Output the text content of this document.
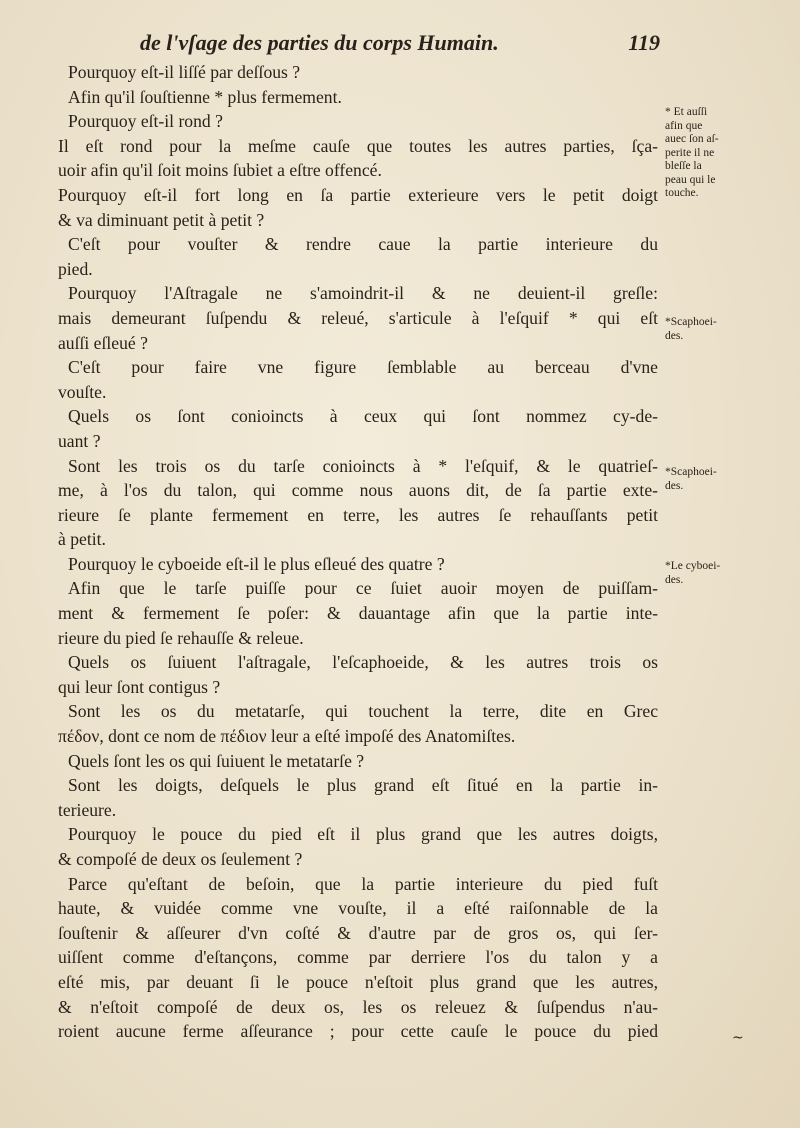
de l'vſage des parties du corps Humain.	119
Pourquoy eſt-il liſſé par deſſous ?
Afin qu'il ſouſtienne * plus fermement.
Pourquoy eſt-il rond ?
Il eſt rond pour la meſme cauſe que toutes les autres parties, ſça-
uoir afin qu'il ſoit moins ſubiet a eſtre offencé.
Pourquoy eſt-il fort long en ſa partie exterieure vers le petit doigt
& va diminuant petit à petit ?
C'eſt pour vouſter & rendre caue la partie interieure du
pied.
Pourquoy l'Aſtragale ne s'amoindrit-il & ne deuient-il greſle:
mais demeurant ſuſpendu & releué, s'articule à l'eſquif * qui eſt
auſſi eſleué ?
C'eſt pour faire vne figure ſemblable au berceau d'vne
vouſte.
Quels os ſont conioincts à ceux qui ſont nommez cy-de-
uant ?
Sont les trois os du tarſe conioincts à * l'eſquif, & le quatrieſ-
me, à l'os du talon, qui comme nous auons dit, de ſa partie exte-
rieure ſe plante fermement en terre, les autres ſe rehauſſants petit
à petit.
Pourquoy le cyboeide eſt-il le plus eſleué des quatre ?
Afin que le tarſe puiſſe pour ce ſuiet auoir moyen de puiſſam-
ment & fermement ſe poſer: & dauantage afin que la partie inte-
rieure du pied ſe rehauſſe & releue.
Quels os ſuiuent l'aſtragale, l'eſcaphoeide, & les autres trois os
qui leur ſont contigus ?
Sont les os du metatarſe, qui touchent la terre, dite en Grec
πέδον, dont ce nom de πέδιον leur a eſté impoſé des Anatomiſtes.
Quels ſont les os qui ſuiuent le metatarſe ?
Sont les doigts, deſquels le plus grand eſt ſitué en la partie in-
terieure.
Pourquoy le pouce du pied eſt il plus grand que les autres doigts,
& compoſé de deux os ſeulement ?
Parce qu'eſtant de beſoin, que la partie interieure du pied fuſt
haute, & vuidée comme vne vouſte, il a eſté raiſonnable de la
ſouſtenir & aſſeurer d'vn coſté & d'autre par de gros os, qui ſer-
uiſſent comme d'eſtançons, comme par derriere l'os du talon y a
eſté mis, par deuant ſi le pouce n'eſtoit plus grand que les autres,
& n'eſtoit compoſé de deux os, les os releuez & ſuſpendus n'au-
roient aucune ferme aſſeurance ; pour cette cauſe le pouce du pied
* Et auſſi
afin que
auec ſon aſ-
perite il ne
bleſſe la
peau qui le
touche.
*Scaphoei-
des.
*Scaphoei-
des.
*Le cyboei-
des.
~
